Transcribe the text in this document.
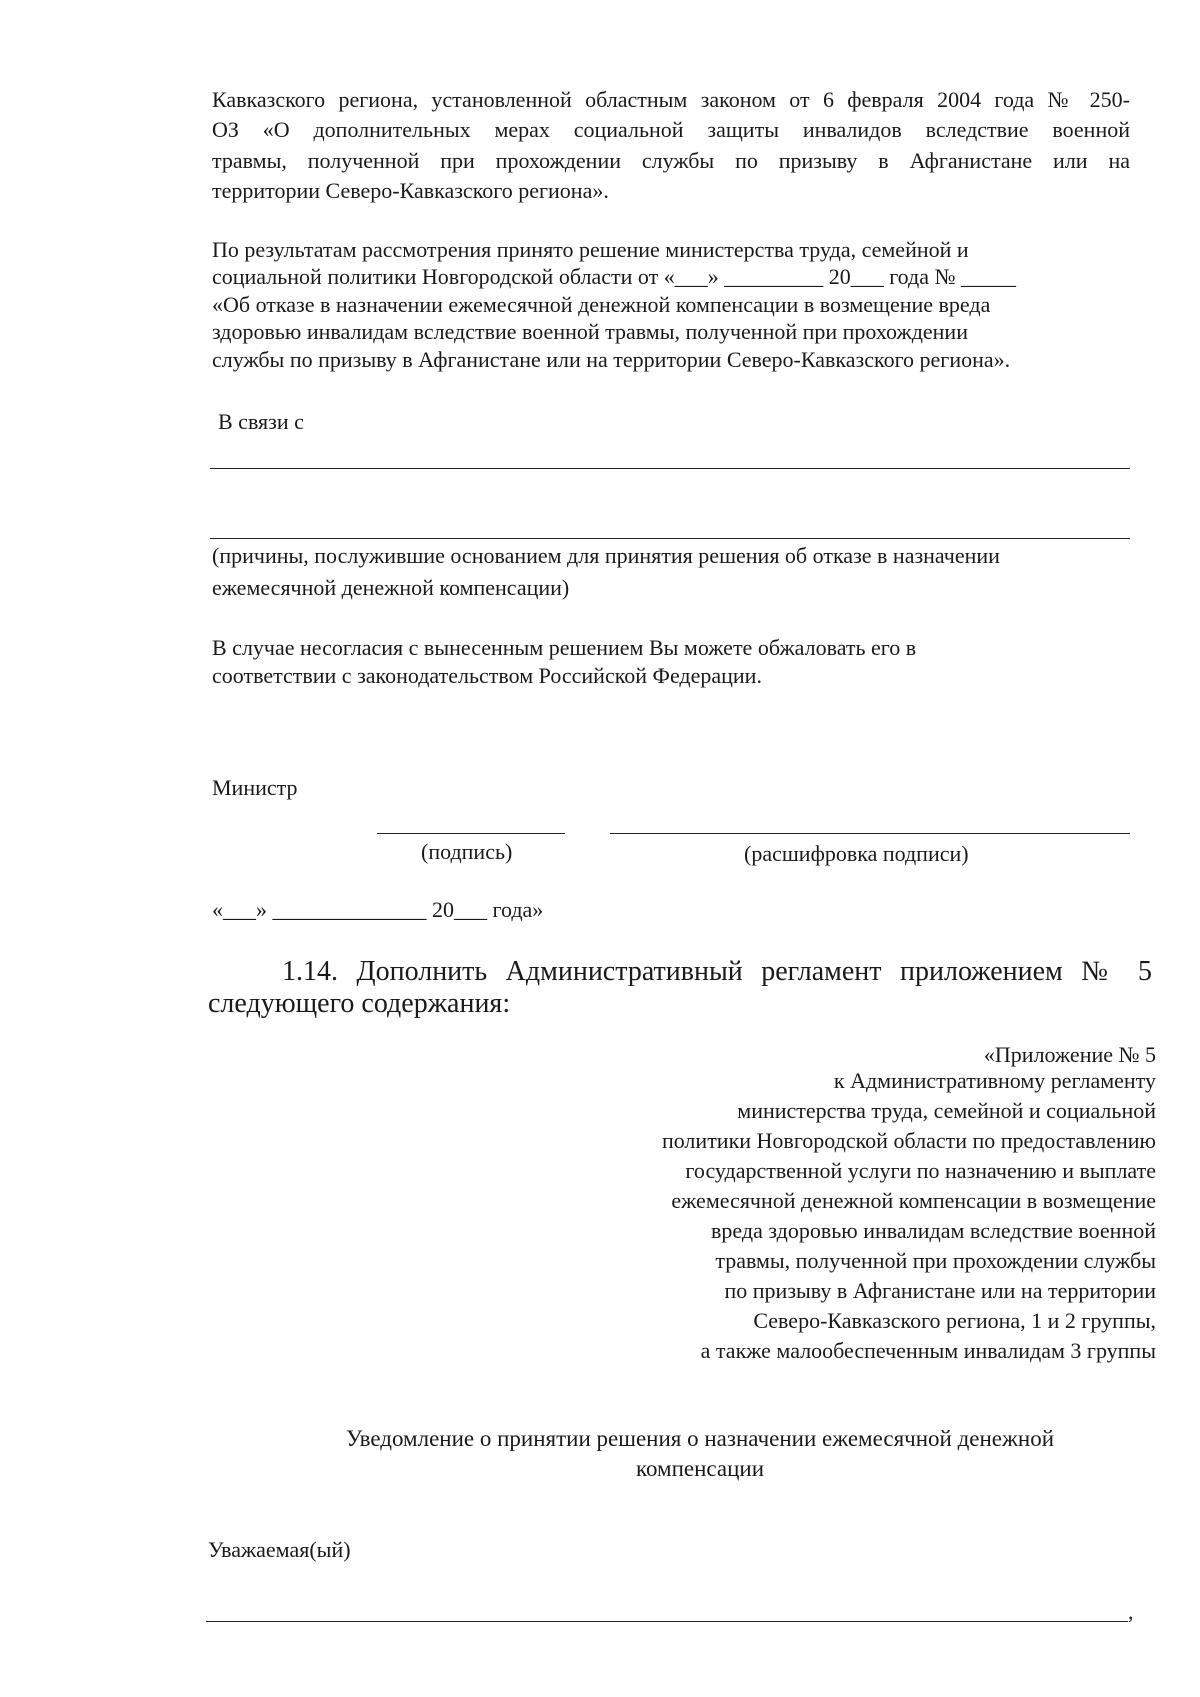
Кавказского региона, установленной областным законом от 6 февраля 2004 года № 250-
ОЗ «О дополнительных мерах социальной защиты инвалидов вследствие военной
травмы, полученной при прохождении службы по призыву в Афганистане или на
территории Северо-Кавказского региона».
По результатам рассмотрения принято решение министерства труда, семейной и
социальной политики Новгородской области от «___» _________ 20___ года № _____
«Об отказе в назначении ежемесячной денежной компенсации в возмещение вреда
здоровью инвалидам вследствие военной травмы, полученной при прохождении
службы по призыву в Афганистане или на территории Северо-Кавказского региона».
В связи с
(причины, послужившие основанием для принятия решения об отказе в назначении
ежемесячной денежной компенсации)
В случае несогласия с вынесенным решением Вы можете обжаловать его в
соответствии с законодательством Российской Федерации.
Министр
(подпись)	(расшифровка подписи)
«___» ______________ 20___ года»
1.14. Дополнить Административный регламент приложением № 5
следующего содержания:
«Приложение № 5
к Административному регламенту
министерства труда, семейной и социальной
политики Новгородской области по предоставлению
государственной услуги по назначению и выплате
ежемесячной денежной компенсации в возмещение
вреда здоровью инвалидам вследствие военной
травмы, полученной при прохождении службы
по призыву в Афганистане или на территории
Северо-Кавказского региона, 1 и 2 группы,
а также малообеспеченным инвалидам 3 группы
Уведомление о принятии решения о назначении ежемесячной денежной
компенсации
Уважаемая(ый)
,
